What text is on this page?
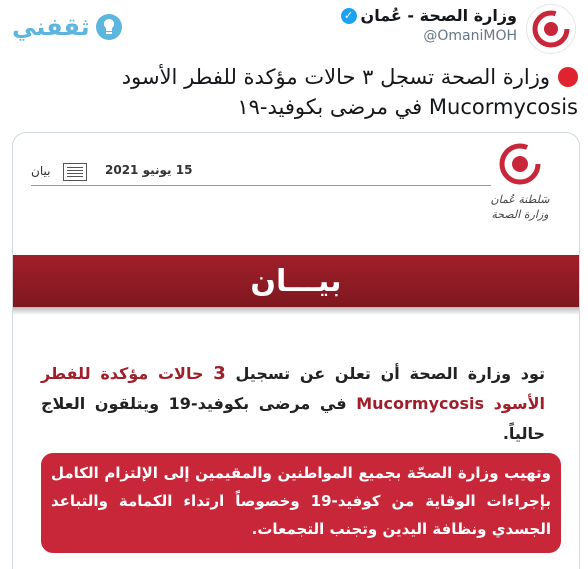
وزارة الصحة - عُمان
✓
@OmaniMOH
ثقفني
وزارة الصحة تسجل ٣ حالات مؤكدة للفطر الأسود
Mucormycosis في مرضى بكوفيد-١٩
سَلطنة عُمان
وزارة الصحة
15 يونيو 2021
بيان
بيـــان
تود وزارة الصحة أن تعلن عن تسجيل 3 حالات مؤكدة للفطر الأسود Mucormycosis في مرضى بكوفيد-19 ويتلقون العلاج حالياً.
وتهيب وزارة الصحّة بجميع المواطنين والمقيمين إلى الإلتزام الكامل بإجراءات الوقاية من كوفيد-19 وخصوصاً ارتداء الكمامة والتباعد الجسدي ونظافة اليدين وتجنب التجمعات.
